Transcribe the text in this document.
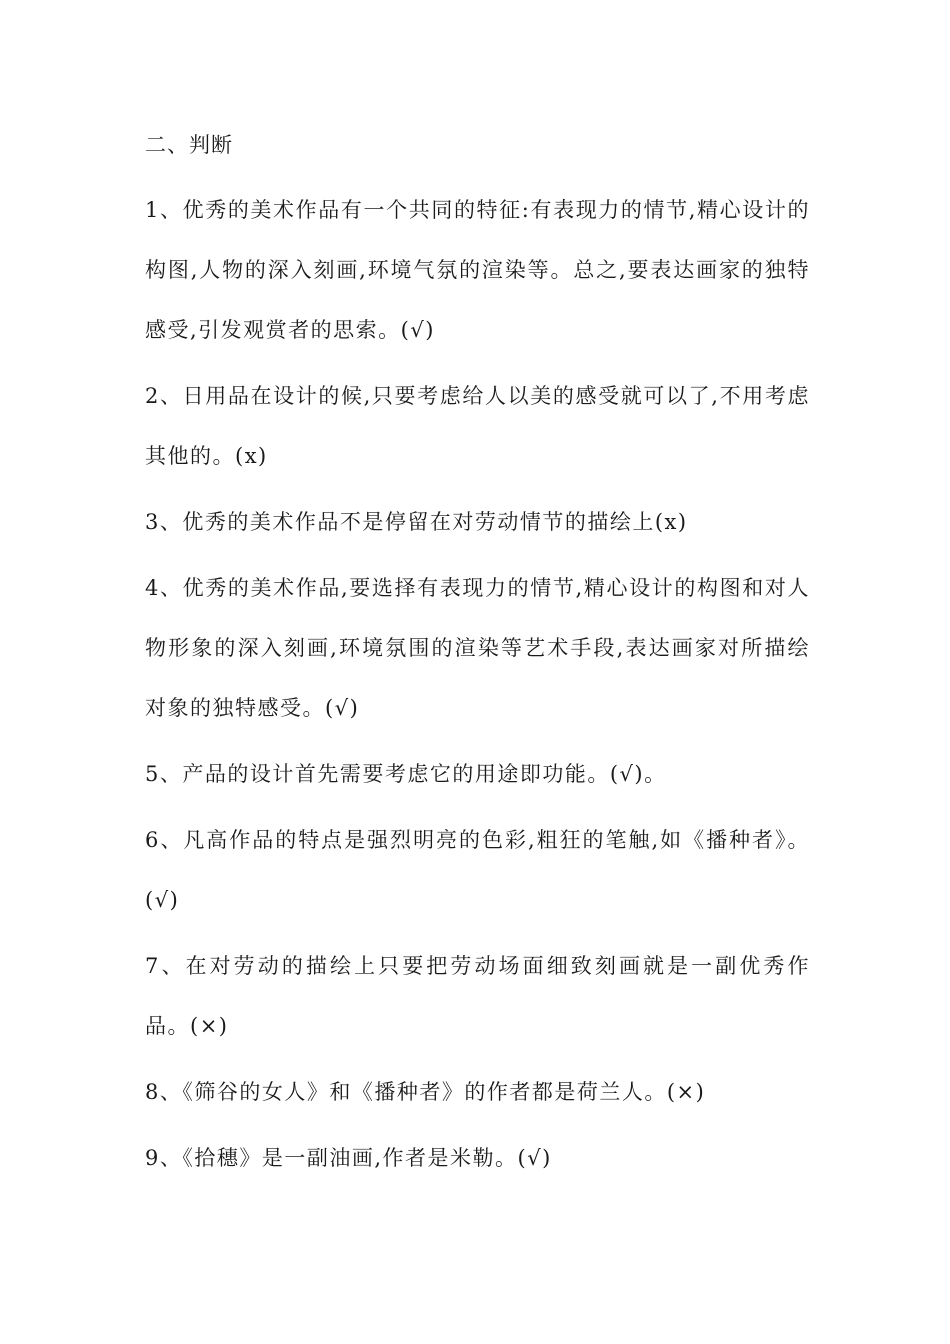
二、判断
1、优秀的美术作品有一个共同的特征:有表现力的情节,精心设计的构图,人物的深入刻画,环境气氛的渲染等。总之,要表达画家的独特感受,引发观赏者的思索。(√)
2、日用品在设计的候,只要考虑给人以美的感受就可以了,不用考虑其他的。(x)
3、优秀的美术作品不是停留在对劳动情节的描绘上(x)
4、优秀的美术作品,要选择有表现力的情节,精心设计的构图和对人物形象的深入刻画,环境氛围的渲染等艺术手段,表达画家对所描绘对象的独特感受。(√)
5、产品的设计首先需要考虑它的用途即功能。(√)。
6、凡高作品的特点是强烈明亮的色彩,粗狂的笔触,如《播种者》。(√)
7、在对劳动的描绘上只要把劳动场面细致刻画就是一副优秀作品。(×)
8、《筛谷的女人》和《播种者》的作者都是荷兰人。(×)
9、《拾穗》是一副油画,作者是米勒。(√)
